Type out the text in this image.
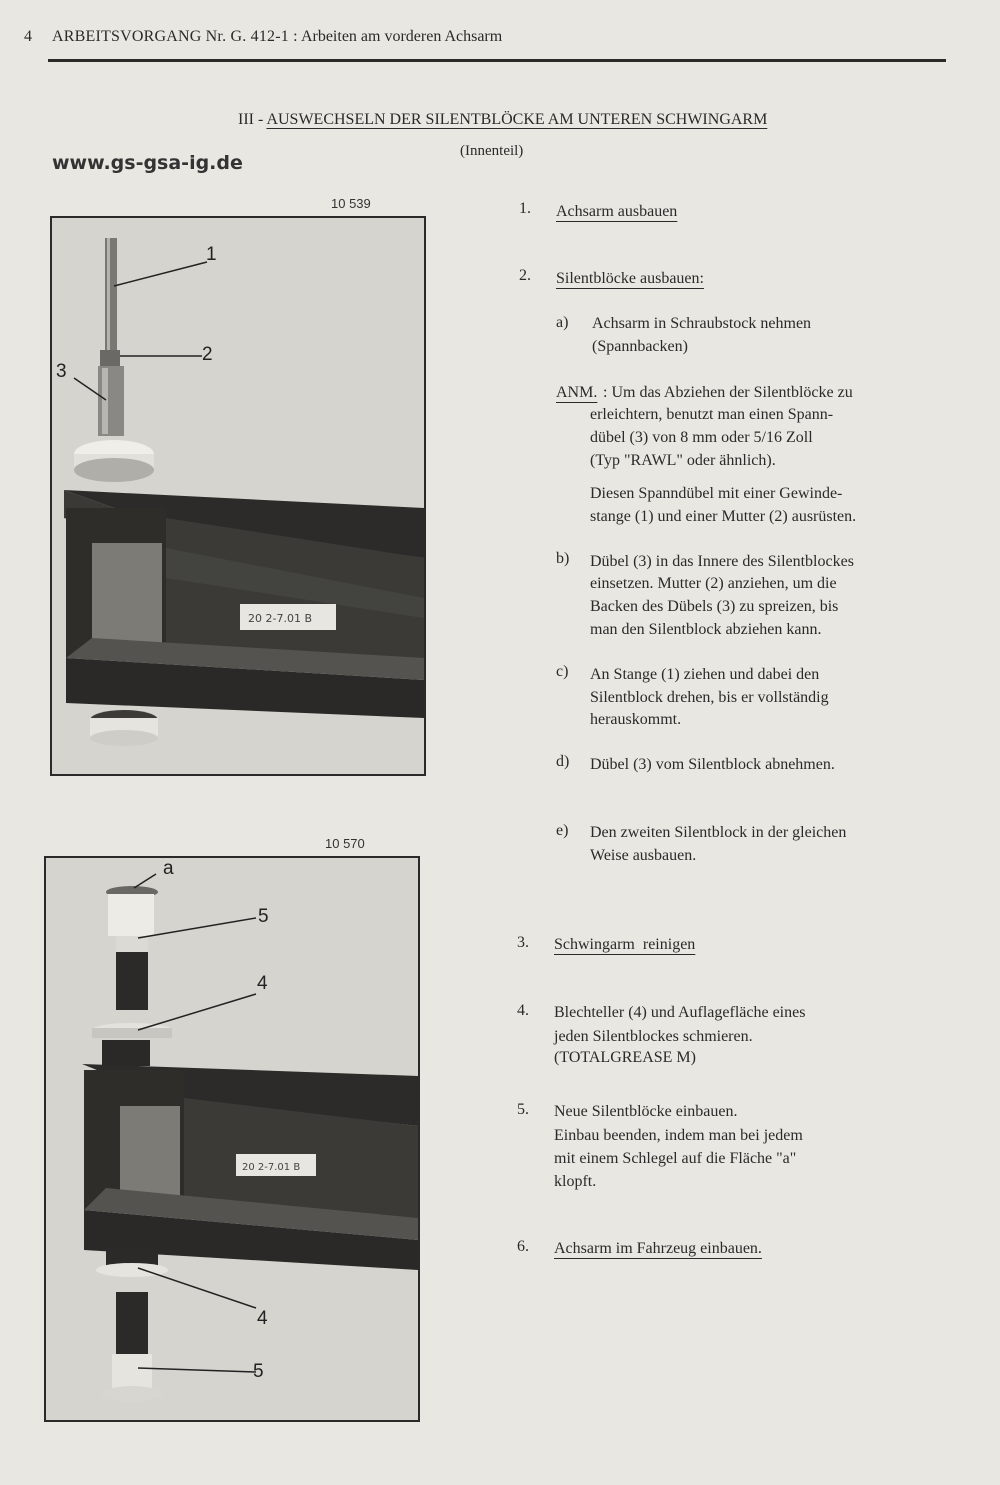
4 ARBEITSVORGANG Nr. G. 412-1 : Arbeiten am vorderen Achsarm
III - AUSWECHSELN DER SILENTBLÖCKE AM UNTEREN SCHWINGARM
(Innenteil)
www.gs-gsa-ig.de
10 539
20 2-7.01 B
1
2
3
10 570
20 2-7.01 B
a
5
4
4
5
1. Achsarm ausbauen
2. Silentblöcke ausbauen:
a) Achsarm in Schraubstock nehmen
(Spannbacken)
ANM. : Um das Abziehen der Silentblöcke zu
erleichtern, benutzt man einen Spann-
dübel (3) von 8 mm oder 5/16 Zoll
(Typ "RAWL" oder ähnlich).
Diesen Spanndübel mit einer Gewinde-
stange (1) und einer Mutter (2) ausrüsten.
b) Dübel (3) in das Innere des Silentblockes
einsetzen. Mutter (2) anziehen, um die
Backen des Dübels (3) zu spreizen, bis
man den Silentblock abziehen kann.
c) An Stange (1) ziehen und dabei den
Silentblock drehen, bis er vollständig
herauskommt.
d) Dübel (3) vom Silentblock abnehmen.
e) Den zweiten Silentblock in der gleichen
Weise ausbauen.
3. Schwingarm  reinigen
4. Blechteller (4) und Auflagefläche eines
jeden Silentblockes schmieren.
(TOTALGREASE M)
5. Neue Silentblöcke einbauen.
Einbau beenden, indem man bei jedem
mit einem Schlegel auf die Fläche "a"
klopft.
6. Achsarm im Fahrzeug einbauen.
